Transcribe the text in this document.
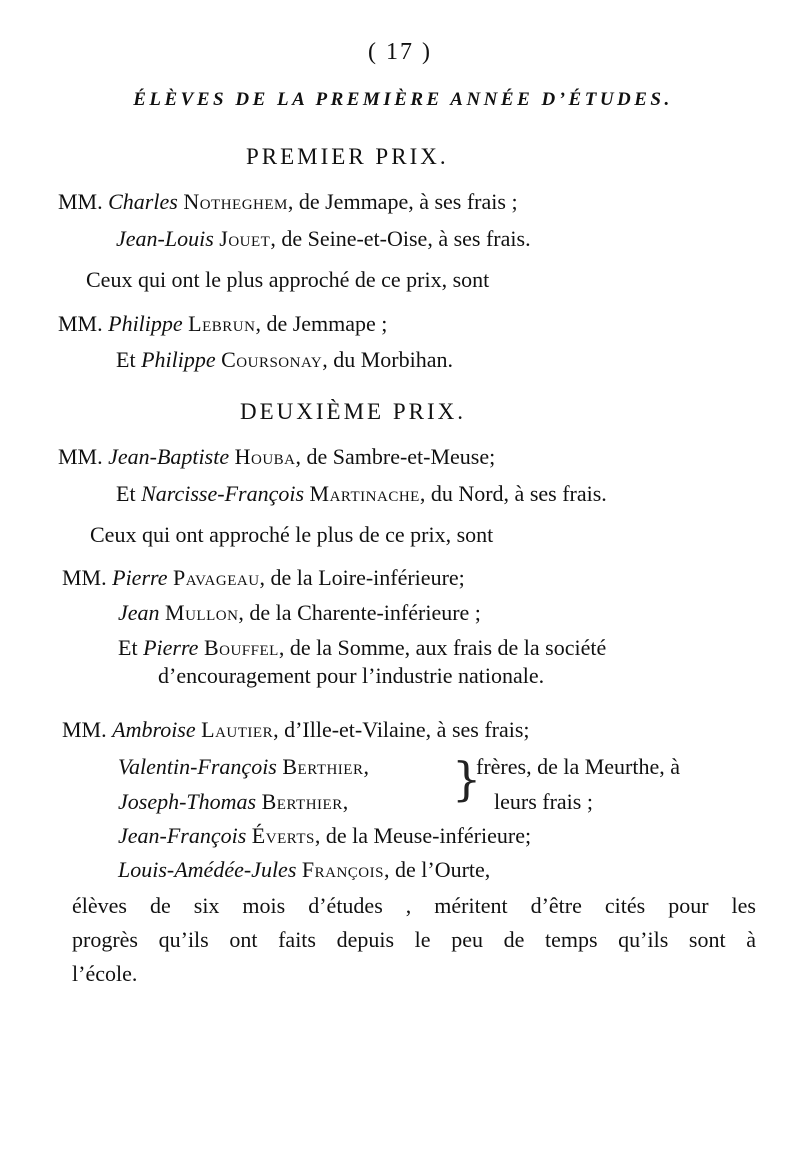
( 17 )
ÉLÈVES DE LA PREMIÈRE ANNÉE D’ÉTUDES.
PREMIER PRIX.
MM. Charles Notheghem, de Jemmape, à ses frais ;
Jean-Louis Jouet, de Seine-et-Oise, à ses frais.
Ceux qui ont le plus approché de ce prix, sont
MM. Philippe Lebrun, de Jemmape ;
Et Philippe Coursonay, du Morbihan.
DEUXIÈME PRIX.
MM. Jean-Baptiste Houba, de Sambre-et-Meuse;
Et Narcisse-François Martinache, du Nord, à ses frais.
Ceux qui ont approché le plus de ce prix, sont
MM. Pierre Pavageau, de la Loire-inférieure;
Jean Mullon, de la Charente-inférieure ;
Et Pierre Bouffel, de la Somme, aux frais de la société
d’encouragement pour l’industrie nationale.
MM. Ambroise Lautier, d’Ille-et-Vilaine, à ses frais;
Valentin-François Berthier,
Joseph-Thomas Berthier, }
frères, de la Meurthe, à
leurs frais ;
Jean-François Éverts, de la Meuse-inférieure;
Louis-Amédée-Jules François, de l’Ourte,
élèves de six mois d’études , méritent d’être cités pour les
progrès qu’ils ont faits depuis le peu de temps qu’ils sont à
l’école.
